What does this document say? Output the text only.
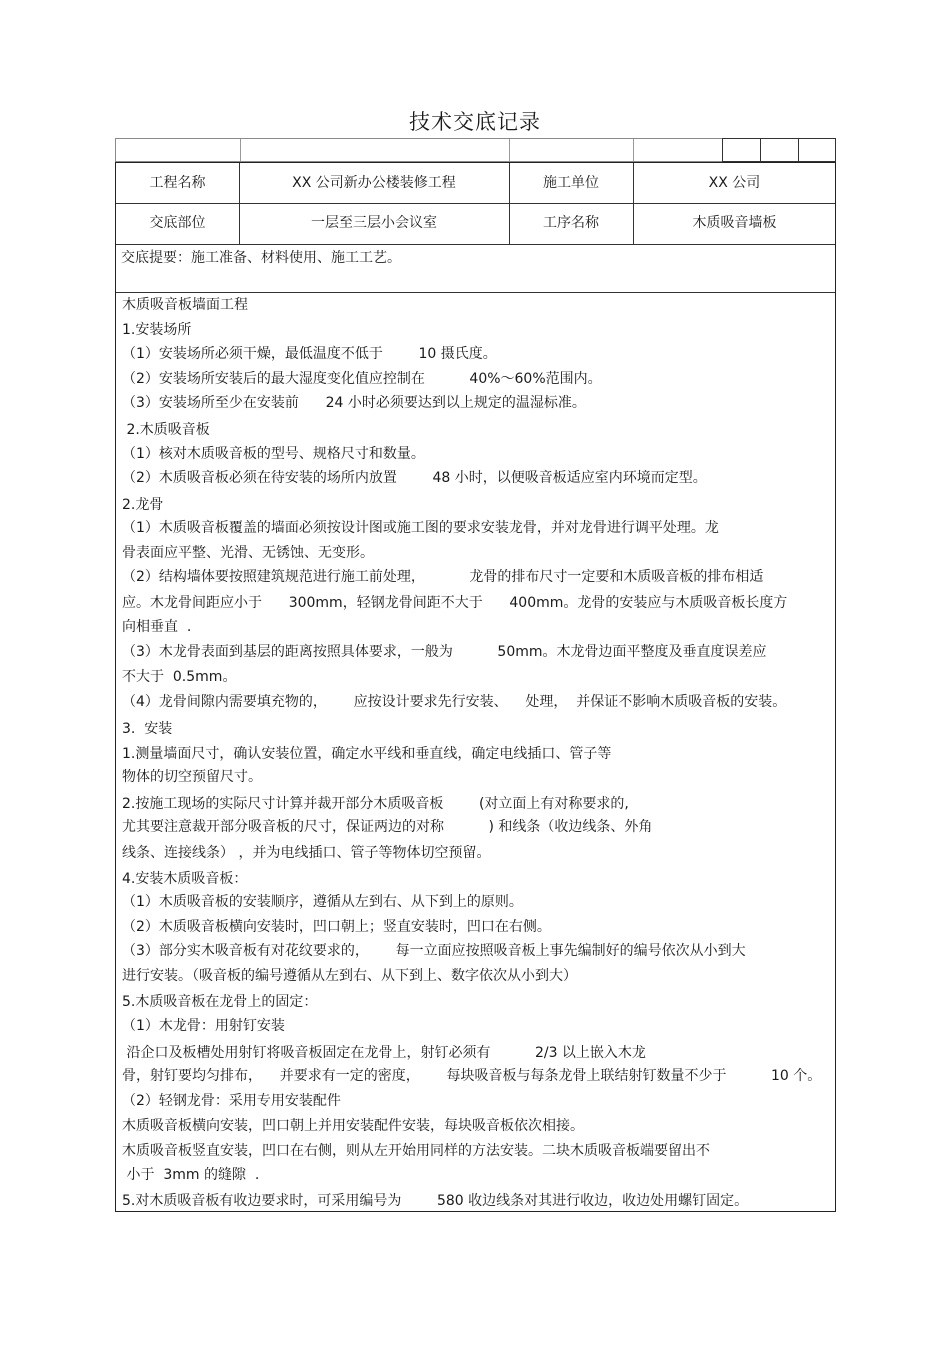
技术交底记录
工程名称	XX 公司新办公楼装修工程	施工单位	XX 公司
交底部位	一层至三层小会议室	工序名称	木质吸音墙板
交底提要：施工准备、材料使用、施工工艺。
木质吸音板墙面工程
1.安装场所
（1）安装场所必须干燥，最低温度不低于        10 摄氏度。
（2）安装场所安装后的最大湿度变化值应控制在          40%～60%范围内。
（3）安装场所至少在安装前      24 小时必须要达到以上规定的温湿标准。
2.木质吸音板
（1）核对木质吸音板的型号、规格尺寸和数量。
（2）木质吸音板必须在待安装的场所内放置        48 小时，以便吸音板适应室内环境而定型。
2.龙骨
（1）木质吸音板覆盖的墙面必须按设计图或施工图的要求安装龙骨，并对龙骨进行调平处理。龙
骨表面应平整、光滑、无锈蚀、无变形。
（2）结构墙体要按照建筑规范进行施工前处理，          龙骨的排布尺寸一定要和木质吸音板的排布相适
应。木龙骨间距应小于      300mm，轻钢龙骨间距不大于      400mm。龙骨的安装应与木质吸音板长度方
向相垂直  .
（3）木龙骨表面到基层的距离按照具体要求，一般为          50mm。木龙骨边面平整度及垂直度误差应
不大于  0.5mm。
（4）龙骨间隙内需要填充物的，      应按设计要求先行安装、    处理，  并保证不影响木质吸音板的安装。
3.  安装
1.测量墙面尺寸，确认安装位置，确定水平线和垂直线，确定电线插口、管子等
物体的切空预留尺寸。
2.按施工现场的实际尺寸计算并裁开部分木质吸音板        (对立面上有对称要求的,
尤其要注意裁开部分吸音板的尺寸，保证两边的对称          ) 和线条（收边线条、外角
线条、连接线条） ，并为电线插口、管子等物体切空预留。
4.安装木质吸音板：
（1）木质吸音板的安装顺序，遵循从左到右、从下到上的原则。
（2）木质吸音板横向安装时，凹口朝上；竖直安装时，凹口在右侧。
（3）部分实木吸音板有对花纹要求的，      每一立面应按照吸音板上事先编制好的编号依次从小到大
进行安装。（吸音板的编号遵循从左到右、从下到上、数字依次从小到大）
5.木质吸音板在龙骨上的固定：
（1）木龙骨：用射钉安装
沿企口及板槽处用射钉将吸音板固定在龙骨上，射钉必须有          2/3 以上嵌入木龙
骨，射钉要均匀排布，    并要求有一定的密度，      每块吸音板与每条龙骨上联结射钉数量不少于          10 个。
（2）轻钢龙骨：采用专用安装配件
木质吸音板横向安装，凹口朝上并用安装配件安装，每块吸音板依次相接。
木质吸音板竖直安装，凹口在右侧，则从左开始用同样的方法安装。二块木质吸音板端要留出不
小于  3mm 的缝隙  .
5.对木质吸音板有收边要求时，可采用编号为        580 收边线条对其进行收边，收边处用螺钉固定。
